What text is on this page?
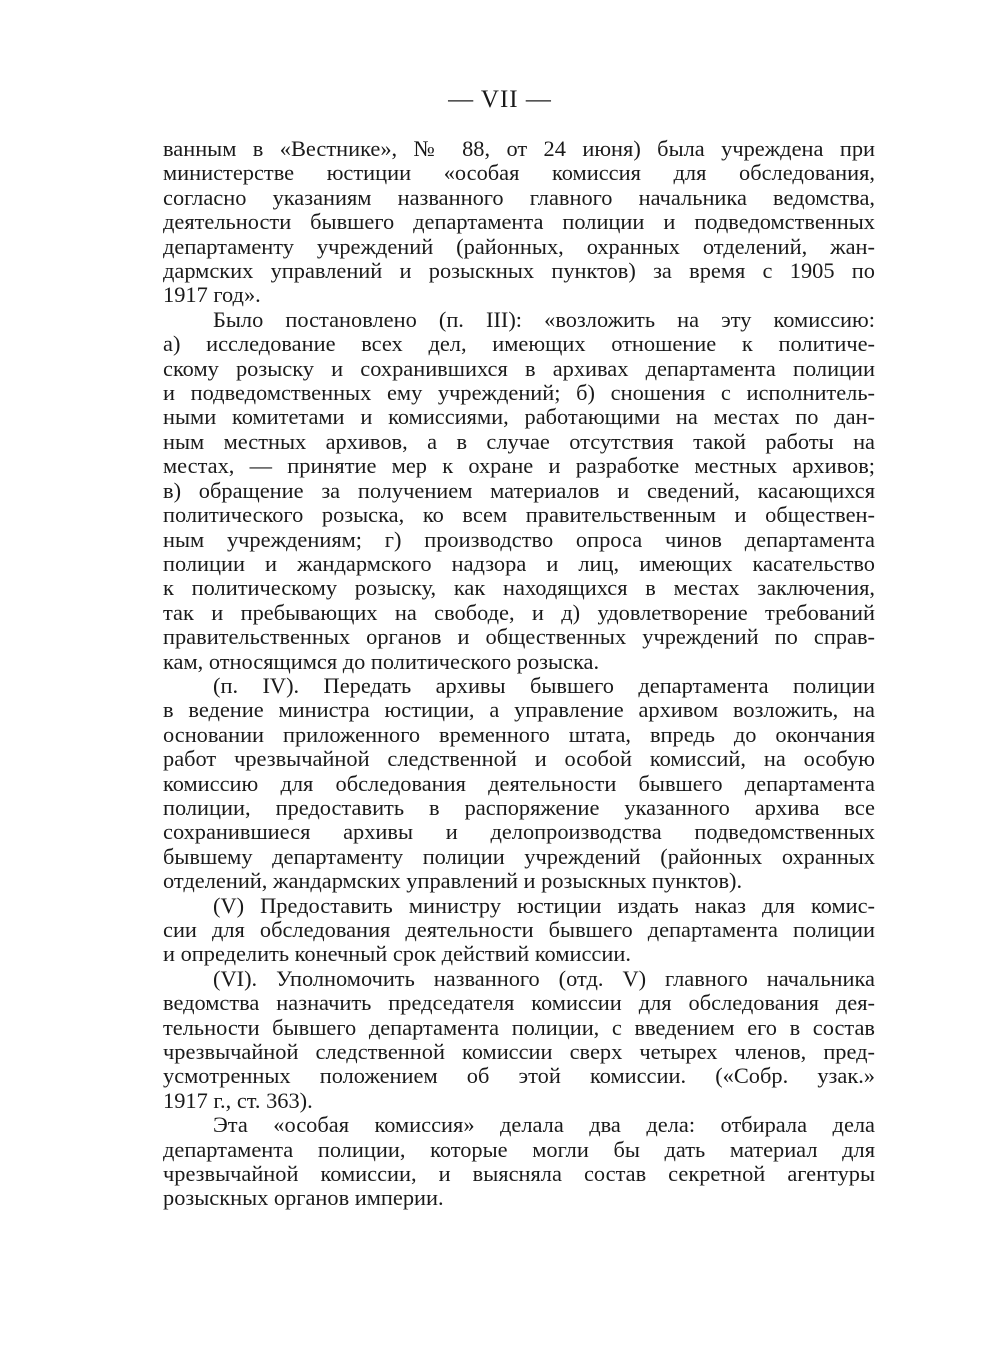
— VII —
ванным в «Вестнике», № 88, от 24 июня) была учреждена при
министерстве юстиции «особая комиссия для обследования,
согласно указаниям названного главного начальника ведомства,
деятельности бывшего департамента полиции и подведомственных
департаменту учреждений (районных, охранных отделений, жан-
дармских управлений и розыскных пунктов) за время с 1905 по
1917 год».
Было постановлено (п. III): «возложить на эту комиссию:
а) исследование всех дел, имеющих отношение к политиче-
скому розыску и сохранившихся в архивах департамента полиции
и подведомственных ему учреждений; б) сношения с исполнитель-
ными комитетами и комиссиями, работающими на местах по дан-
ным местных архивов, а в случае отсутствия такой работы на
местах, — принятие мер к охране и разработке местных архивов;
в) обращение за получением материалов и сведений, касающихся
политического розыска, ко всем правительственным и обществен-
ным учреждениям; г) производство опроса чинов департамента
полиции и жандармского надзора и лиц, имеющих касательство
к политическому розыску, как находящихся в местах заключения,
так и пребывающих на свободе, и д) удовлетворение требований
правительственных органов и общественных учреждений по справ-
кам, относящимся до политического розыска.
(п. IV). Передать архивы бывшего департамента полиции
в ведение министра юстиции, а управление архивом возложить, на
основании приложенного временного штата, впредь до окончания
работ чрезвычайной следственной и особой комиссий, на особую
комиссию для обследования деятельности бывшего департамента
полиции, предоставить в распоряжение указанного архива все
сохранившиеся архивы и делопроизводства подведомственных
бывшему департаменту полиции учреждений (районных охранных
отделений, жандармских управлений и розыскных пунктов).
(V) Предоставить министру юстиции издать наказ для комис-
сии для обследования деятельности бывшего департамента полиции
и определить конечный срок действий комиссии.
(VI). Уполномочить названного (отд. V) главного начальника
ведомства назначить председателя комиссии для обследования дея-
тельности бывшего департамента полиции, с введением его в состав
чрезвычайной следственной комиссии сверх четырех членов, пред-
усмотренных положением об этой комиссии. («Собр. узак.»
1917 г., ст. 363).
Эта «особая комиссия» делала два дела: отбирала дела
департамента полиции, которые могли бы дать материал для
чрезвычайной комиссии, и выясняла состав секретной агентуры
розыскных органов империи.
